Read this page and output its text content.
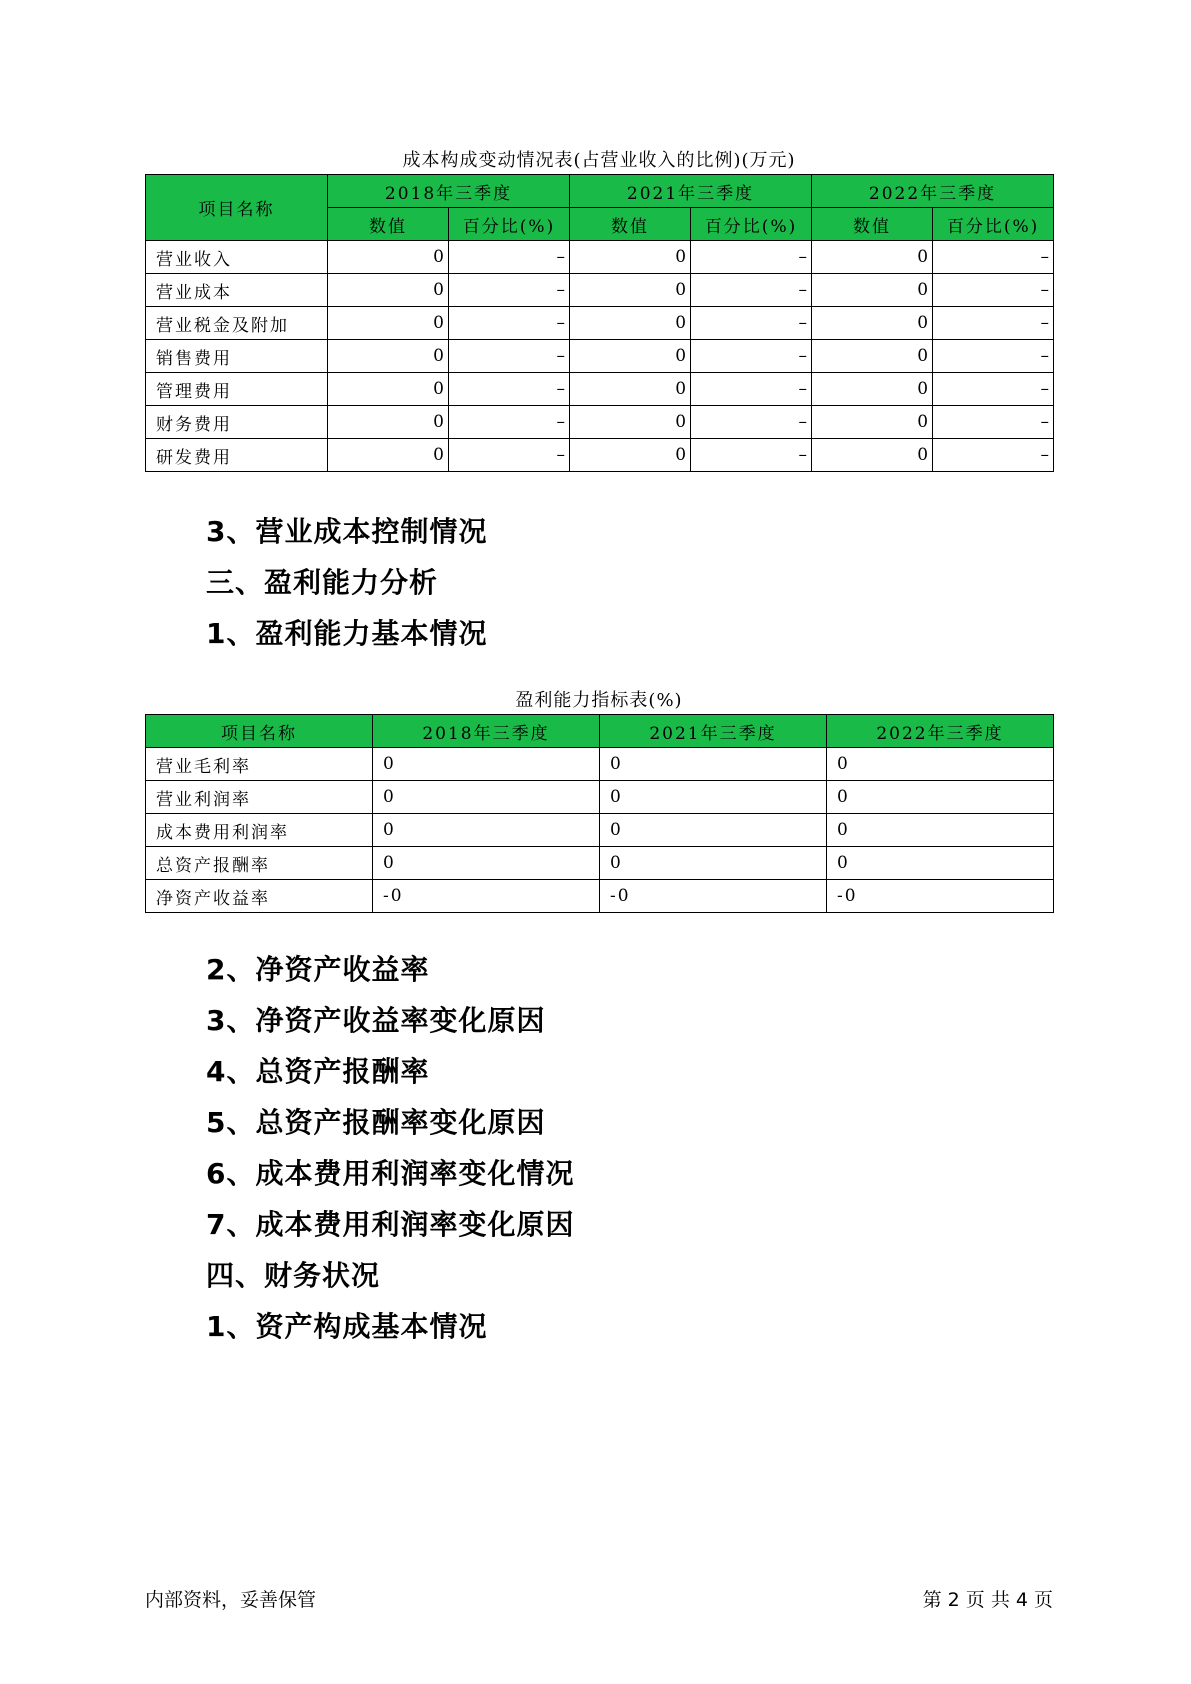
成本构成变动情况表(占营业收入的比例)(万元)
项目名称	2018年三季度		2021年三季度		2022年三季度	
	数值	百分比(%)	数值	百分比(%)	数值	百分比(%)
营业收入	0	–	0	–	0	–
营业成本	0	–	0	–	0	–
营业税金及附加	0	–	0	–	0	–
销售费用	0	–	0	–	0	–
管理费用	0	–	0	–	0	–
财务费用	0	–	0	–	0	–
研发费用	0	–	0	–	0	–
3、营业成本控制情况
三、盈利能力分析
1、盈利能力基本情况
盈利能力指标表(%)
项目名称	2018年三季度	2021年三季度	2022年三季度
营业毛利率	0	0	0
营业利润率	0	0	0
成本费用利润率	0	0	0
总资产报酬率	0	0	0
净资产收益率	-0	-0	-0
2、净资产收益率
3、净资产收益率变化原因
4、总资产报酬率
5、总资产报酬率变化原因
6、成本费用利润率变化情况
7、成本费用利润率变化原因
四、财务状况
1、资产构成基本情况
内部资料，妥善保管	第 2 页 共 4 页
